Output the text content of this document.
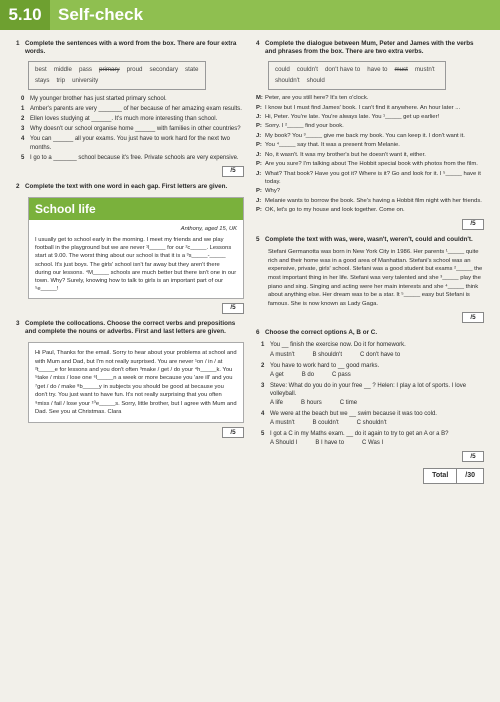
5.10 Self-check
1 Complete the sentences with a word from the box. There are four extra words.
best middle pass primary proud secondary state
stays trip university
0 My younger brother has just started primary school.
1 Amber's parents are very _______ of her because of her amazing exam results.
2 Ellen loves studying at ______. It's much more interesting than school.
3 Why doesn't our school organise home ______ with families in other countries?
4 You can ______ all your exams. You just have to work hard for the next two months.
5 I go to a _______ school because it's free. Private schools are very expensive.
/5
2 Complete the text with one word in each gap. First letters are given.
School life
Anthony, aged 15, UK
I usually get to school early in the morning. I meet my friends and we play football in the playground but we are never ¹l_____ for our ²c_____. Lessons start at 9.00. The worst thing about our school is that it is a ³s_____-_____ school. It's just boys. The girls' school isn't far away but they aren't there during our lessons. ⁴M_____ schools are much better but there isn't one in our town. Why? Surely, knowing how to talk to girls is an important part of our ⁵e_____!
/5
3 Complete the collocations. Choose the correct verbs and prepositions and complete the nouns or adverbs. First and last letters are given.
Hi Paul, Thanks for the email. Sorry to hear about your problems at school and with Mum and Dad, but I'm not really surprised. You are never ¹on / in / at ²t_____e for lessons and you don't often ³make / get / do your ⁴h_____k. You ⁵take / miss / lose one ⁶l_____n a week or more because you 'are ill' and you ⁷get / do / make ⁸b_____y in subjects you should be good at because you don't try. You just want to have fun. It's not really surprising that you often ⁹miss / fail / lose your ¹⁰e_____s. Sorry, little brother, but I agree with Mum and Dad. See you at Christmas. Clara
/5
4 Complete the dialogue between Mum, Peter and James with the verbs and phrases from the box. There are two extra verbs.
could couldn't don't have to have to must mustn't
shouldn't should
M: Peter, are you still here? It's ten o'clock.
P: I know but I must find James' book. I can't find it anywhere. An hour later ...
J: Hi, Peter. You're late. You're always late. You ¹_____ get up earlier!
P: Sorry. I ²_____ find your book.
J: My book? You ³_____ give me back my book. You can keep it. I don't want it.
P: You ⁴_____ say that. It was a present from Melanie.
J: No, it wasn't. It was my brother's but he doesn't want it, either.
P: Are you sure? I'm talking about The Hobbit special book with photos from the film.
J: What? That book? Have you got it? Where is it? Go and look for it. I ⁵_____ have it today.
P: Why?
J: Melanie wants to borrow the book. She's having a Hobbit film night with her friends.
P: OK, let's go to my house and look together. Come on.
/5
5 Complete the text with was, were, wasn't, weren't, could and couldn't.
Stefani Germanotta was born in New York City in 1986. Her parents ¹_____ quite rich and their home was in a good area of Manhattan. Stefani's school was an expensive, private, girls' school. Stefani was a good student but exams ²_____ the most important thing in her life. Stefani was very talented and she ³_____ play the piano and sing. Singing and acting were her main interests and she ⁴_____ think about anything else. Her dream was to be a star. It ⁵_____ easy but Stefani is famous. She is now known as Lady Gaga.
/5
6 Choose the correct options A, B or C.
1 You __ finish the exercise now. Do it for homework.
A mustn't	B shouldn't	C don't have to
2 You have to work hard to __ good marks.
A get	B do	C pass
3 Steve: What do you do in your free __ ? Helen: I play a lot of sports. I love volleyball.
A life	B hours	C time
4 We were at the beach but we __ swim because it was too cold.
A mustn't	B couldn't	C shouldn't
5 I got a C in my Maths exam. __ do it again to try to get an A or a B?
A Should I	B I have to	C Was I
/5
Total	/30
